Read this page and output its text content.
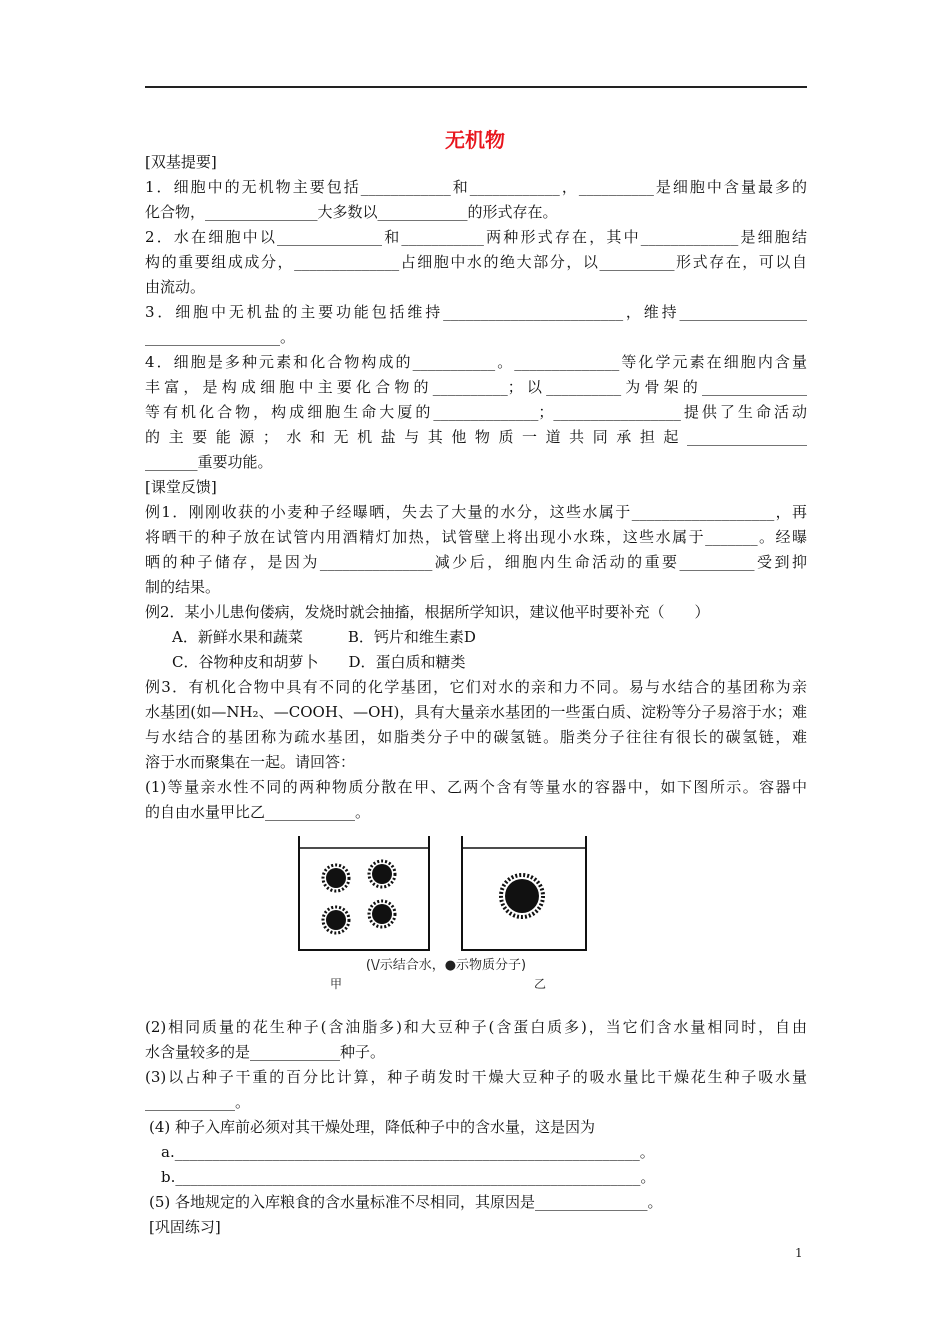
无机物
[双基提要]
1．细胞中的无机物主要包括____________和____________，__________是细胞中含量最多的
化合物，_______________大多数以____________的形式存在。
2．水在细胞中以______________和___________两种形式存在，其中_____________是细胞结
构的重要组成成分，______________占细胞中水的绝大部分，以__________形式存在，可以自
由流动。
3．细胞中无机盐的主要功能包括维持________________________，维持_________________
__________________。
4．细胞是多种元素和化合物构成的___________。______________等化学元素在细胞内含量
丰富，是构成细胞中主要化合物的__________；以__________为骨架的______________
等有机化合物，构成细胞生命大厦的______________；_________________提供了生命活动
的主要能源；水和无机盐与其他物质一道共同承担起________________
_______重要功能。
[课堂反馈]
例1．刚刚收获的小麦种子经曝晒，失去了大量的水分，这些水属于___________________，再
将晒干的种子放在试管内用酒精灯加热，试管壁上将出现小水珠，这些水属于_______。经曝
晒的种子储存，是因为_______________减少后，细胞内生命活动的重要__________受到抑
制的结果。
例2．某小儿患佝偻病，发烧时就会抽搐，根据所学知识，建议他平时要补充（　　）
A．新鲜水果和蔬菜　　　B．钙片和维生素D
C．谷物种皮和胡萝卜　　D．蛋白质和糖类
例3．有机化合物中具有不同的化学基团，它们对水的亲和力不同。易与水结合的基团称为亲
水基团(如—NH₂、—COOH、—OH)，具有大量亲水基团的一些蛋白质、淀粉等分子易溶于水；难
与水结合的基团称为疏水基团，如脂类分子中的碳氢链。脂类分子往往有很长的碳氢链，难
溶于水而聚集在一起。请回答：
(1)等量亲水性不同的两种物质分散在甲、乙两个含有等量水的容器中，如下图所示。容器中
的自由水量甲比乙____________。
(2)相同质量的花生种子(含油脂多)和大豆种子(含蛋白质多)，当它们含水量相同时，自由
水含量较多的是____________种子。
(3)以占种子干重的百分比计算，种子萌发时干燥大豆种子的吸水量比干燥花生种子吸水量
____________。
(4) 种子入库前必须对其干燥处理，降低种子中的含水量，这是因为
a.______________________________________________________________。
b.______________________________________________________________。
(5) 各地规定的入库粮食的含水量标准不尽相同，其原因是_______________。
[巩固练习]
(\/示结合水，●示物质分子)
甲	乙
1
